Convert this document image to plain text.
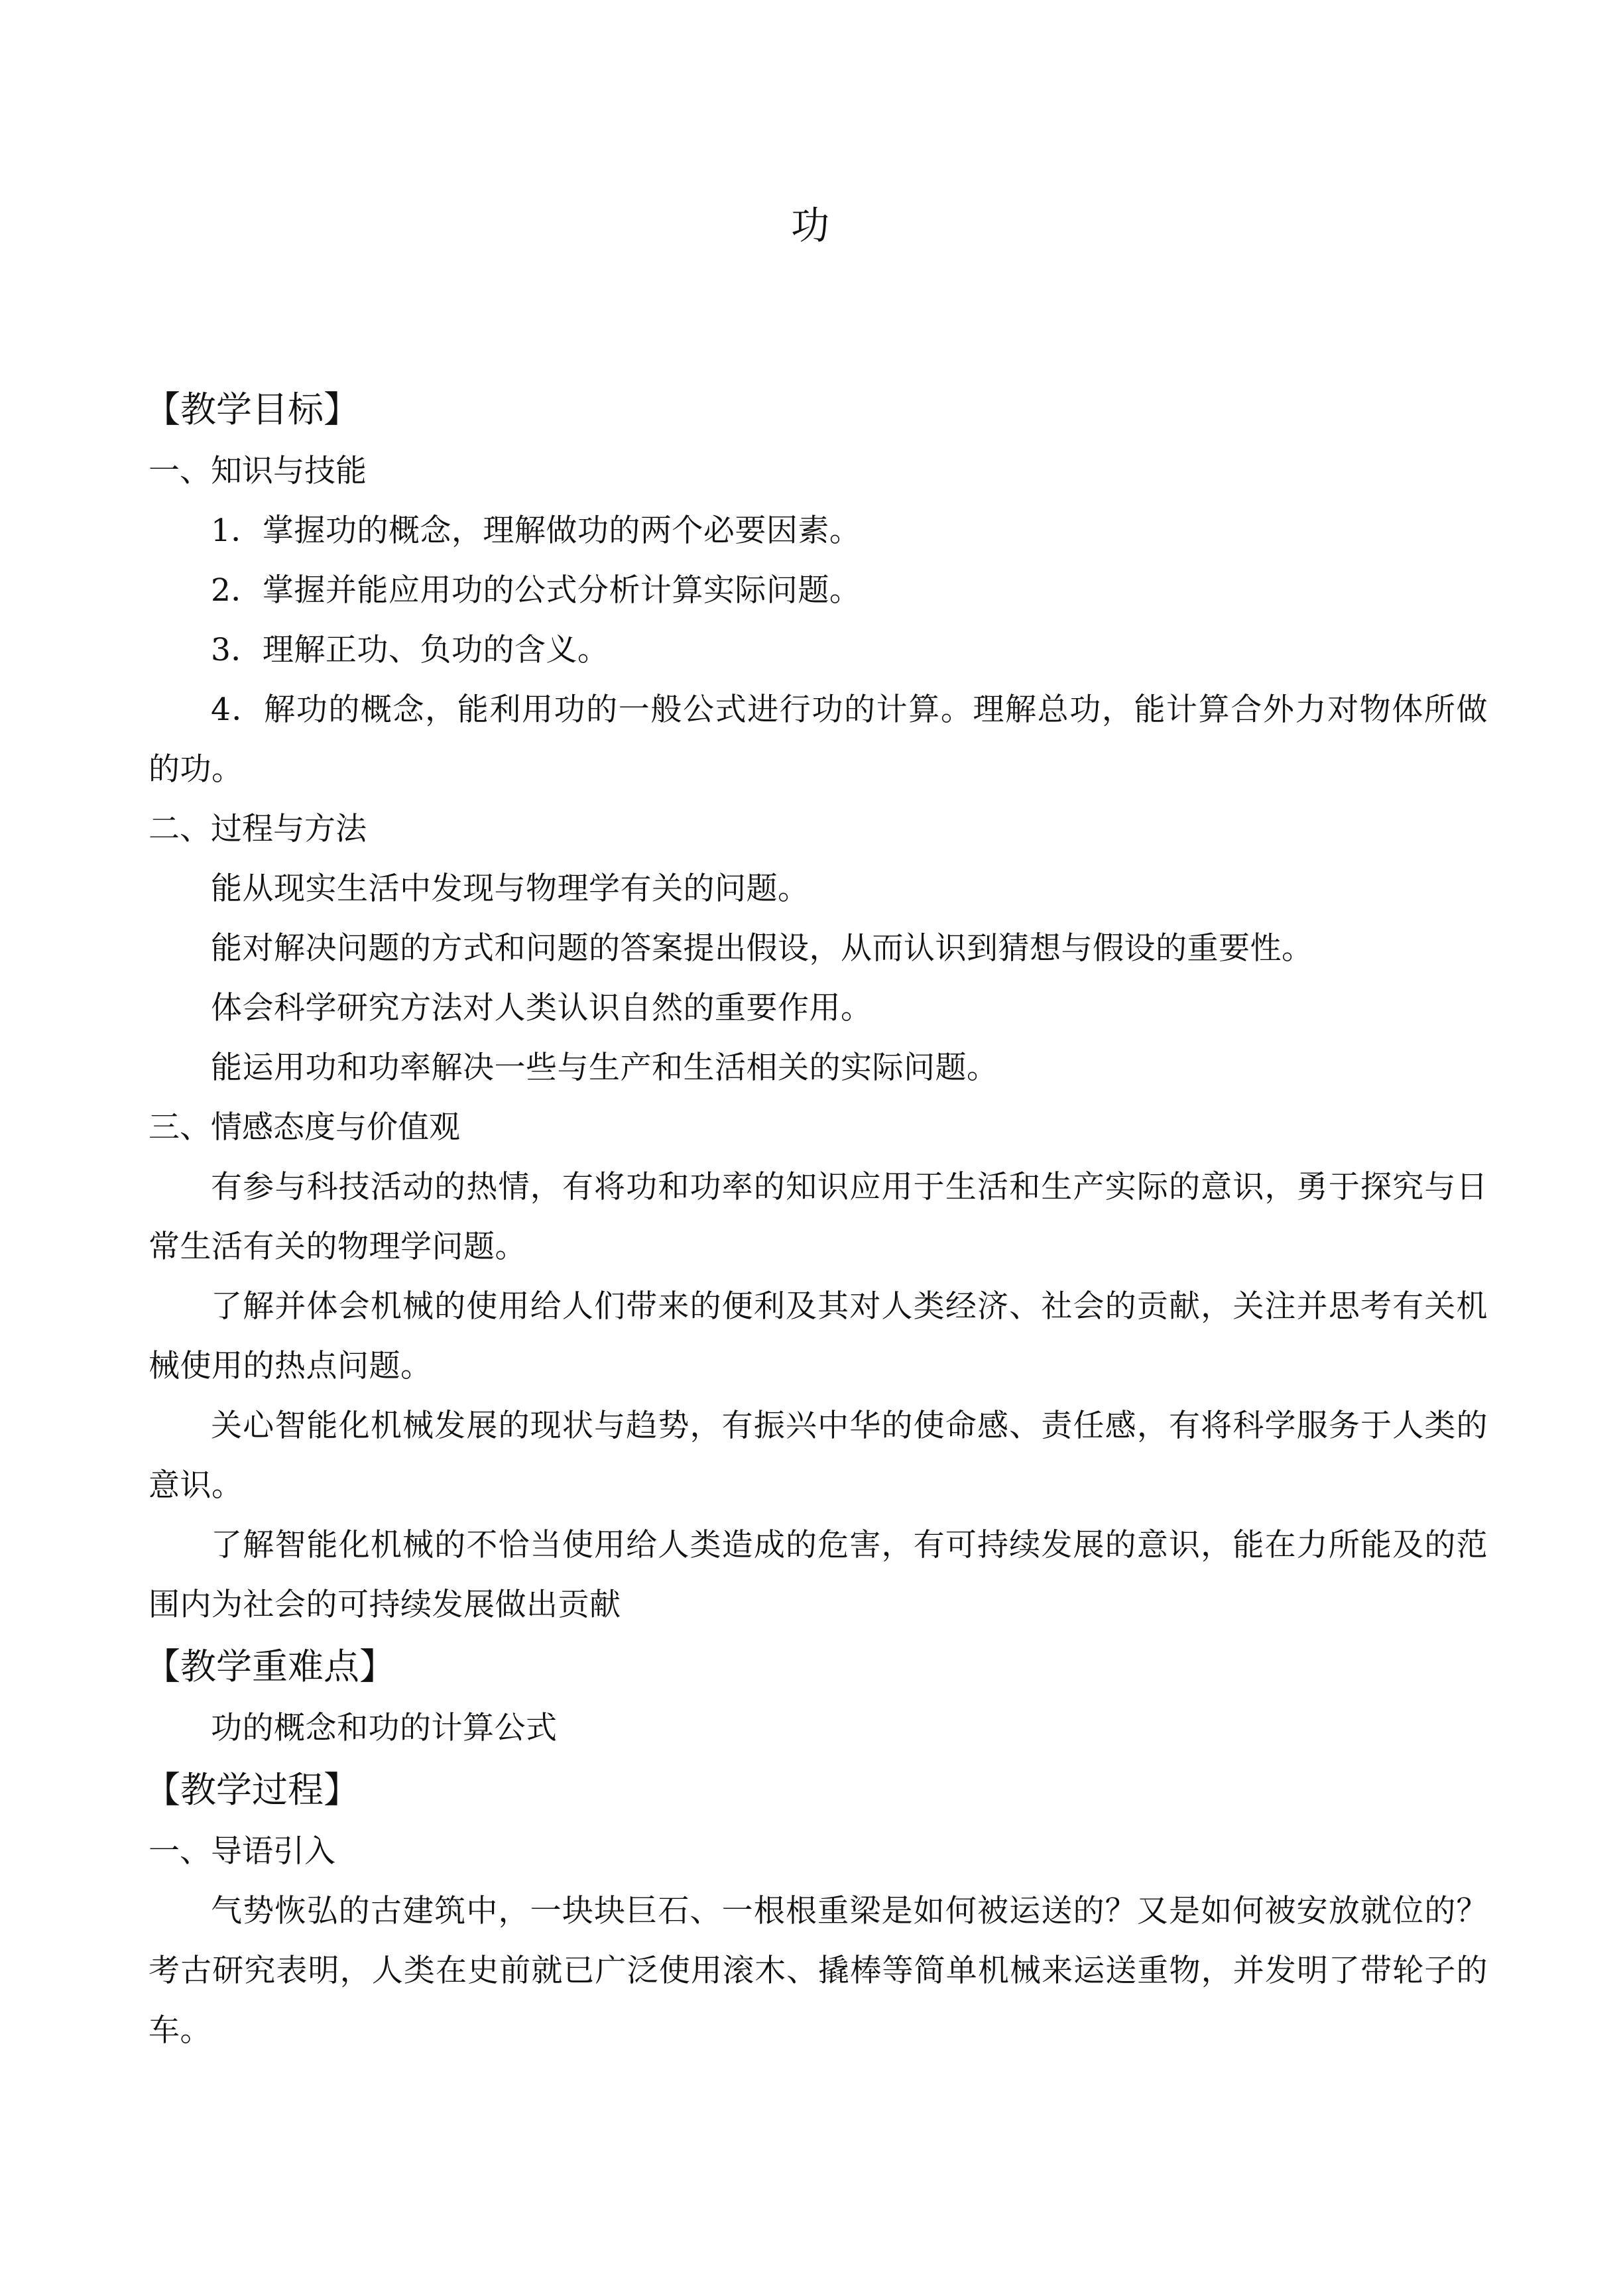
功
【教学目标】
一、知识与技能
1．掌握功的概念，理解做功的两个必要因素。
2．掌握并能应用功的公式分析计算实际问题。
3．理解正功、负功的含义。
4．解功的概念，能利用功的一般公式进行功的计算。理解总功，能计算合外力对物体所做的功。
二、过程与方法
能从现实生活中发现与物理学有关的问题。
能对解决问题的方式和问题的答案提出假设，从而认识到猜想与假设的重要性。
体会科学研究方法对人类认识自然的重要作用。
能运用功和功率解决一些与生产和生活相关的实际问题。
三、情感态度与价值观
有参与科技活动的热情，有将功和功率的知识应用于生活和生产实际的意识，勇于探究与日常生活有关的物理学问题。
了解并体会机械的使用给人们带来的便利及其对人类经济、社会的贡献，关注并思考有关机械使用的热点问题。
关心智能化机械发展的现状与趋势，有振兴中华的使命感、责任感，有将科学服务于人类的意识。
了解智能化机械的不恰当使用给人类造成的危害，有可持续发展的意识，能在力所能及的范围内为社会的可持续发展做出贡献
【教学重难点】
功的概念和功的计算公式
【教学过程】
一、导语引入
气势恢弘的古建筑中，一块块巨石、一根根重梁是如何被运送的？又是如何被安放就位的？考古研究表明，人类在史前就已广泛使用滚木、撬棒等简单机械来运送重物，并发明了带轮子的车。
